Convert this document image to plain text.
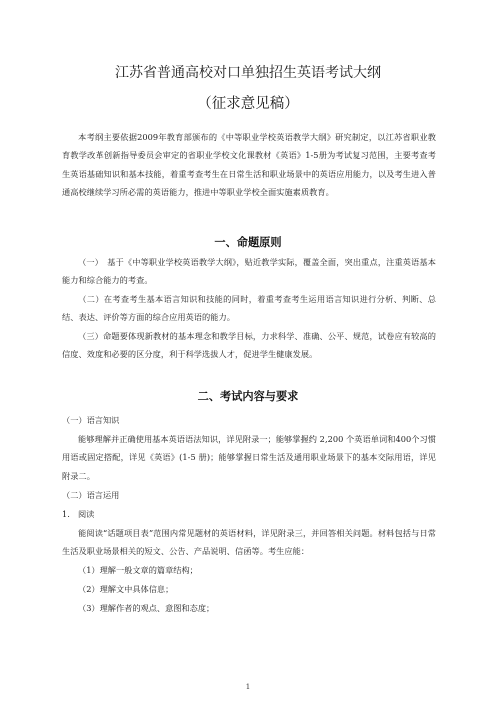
江苏省普通高校对口单独招生英语考试大纲
（征求意见稿）
本考纲主要依据2009年教育部颁布的《中等职业学校英语教学大纲》研究制定，以江苏省职业教育教学改革创新指导委员会审定的省职业学校文化课教材《英语》1-5册为考试复习范围，主要考查考生英语基础知识和基本技能，着重考查考生在日常生活和职业场景中的英语应用能力，以及考生进入普通高校继续学习所必需的英语能力，推进中等职业学校全面实施素质教育。
一、命题原则
（一）　基于《中等职业学校英语教学大纲》，贴近教学实际，覆盖全面，突出重点，注重英语基本能力和综合能力的考查。
（二）在考查考生基本语言知识和技能的同时，着重考查考生运用语言知识进行分析、判断、总结、表达、评价等方面的综合应用英语的能力。
（三）命题要体现新教材的基本理念和教学目标，力求科学、准确、公平、规范，试卷应有较高的信度、效度和必要的区分度，利于科学选拔人才，促进学生健康发展。
二、考试内容与要求
（一）语言知识
能够理解并正确使用基本英语语法知识，详见附录一；能够掌握约 2,200 个英语单词和400个习惯用语或固定搭配，详见《英语》(1-5 册)；能够掌握日常生活及通用职业场景下的基本交际用语，详见附录二。
（二）语言运用
1.　阅读
能阅读“话题项目表”范围内常见题材的英语材料，详见附录三，并回答相关问题。材料包括与日常生活及职业场景相关的短文、公告、产品说明、信函等。考生应能：
（1）理解一般文章的篇章结构；
（2）理解文中具体信息；
（3）理解作者的观点、意图和态度；
1
